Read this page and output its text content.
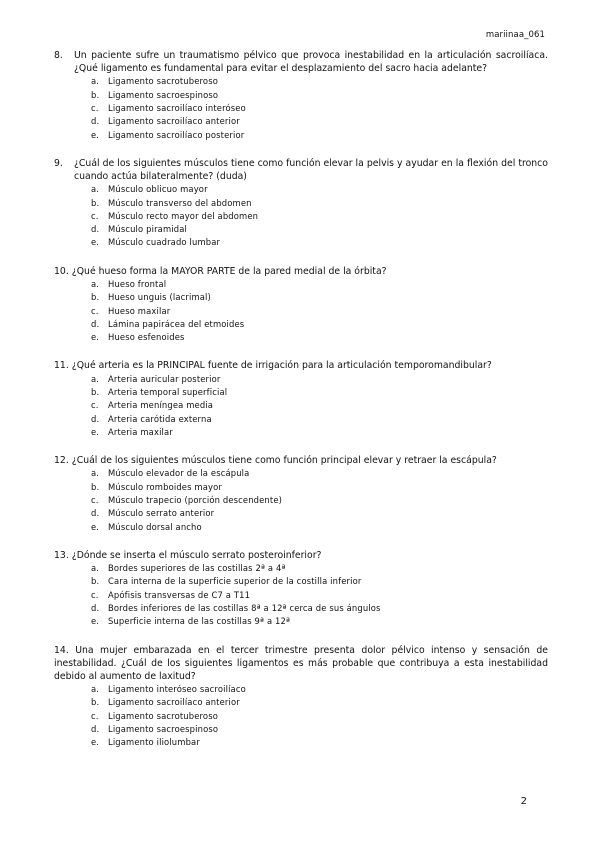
mariinaa_061
8.	Un paciente sufre un traumatismo pélvico que provoca inestabilidad en la articulación sacroilíaca. ¿Qué ligamento es fundamental para evitar el desplazamiento del sacro hacia adelante?
a.	Ligamento sacrotuberoso
b.	Ligamento sacroespinoso
c.	Ligamento sacroilíaco interóseo
d.	Ligamento sacroilíaco anterior
e.	Ligamento sacroilíaco posterior
9.	¿Cuál de los siguientes músculos tiene como función elevar la pelvis y ayudar en la flexión del tronco cuando actúa bilateralmente? (duda)
a.	Músculo oblicuo mayor
b.	Músculo transverso del abdomen
c.	Músculo recto mayor del abdomen
d.	Músculo piramidal
e.	Músculo cuadrado lumbar
10. ¿Qué hueso forma la MAYOR PARTE de la pared medial de la órbita?
a.	Hueso frontal
b.	Hueso unguis (lacrimal)
c.	Hueso maxilar
d.	Lámina papirácea del etmoides
e.	Hueso esfenoides
11. ¿Qué arteria es la PRINCIPAL fuente de irrigación para la articulación temporomandibular?
a.	Arteria auricular posterior
b.	Arteria temporal superficial
c.	Arteria meníngea media
d.	Arteria carótida externa
e.	Arteria maxilar
12. ¿Cuál de los siguientes músculos tiene como función principal elevar y retraer la escápula?
a.	Músculo elevador de la escápula
b.	Músculo romboides mayor
c.	Músculo trapecio (porción descendente)
d.	Músculo serrato anterior
e.	Músculo dorsal ancho
13. ¿Dónde se inserta el músculo serrato posteroinferior?
a.	Bordes superiores de las costillas 2ª a 4ª
b.	Cara interna de la superficie superior de la costilla inferior
c.	Apófisis transversas de C7 a T11
d.	Bordes inferiores de las costillas 8ª a 12ª cerca de sus ángulos
e.	Superficie interna de las costillas 9ª a 12ª
14. Una mujer embarazada en el tercer trimestre presenta dolor pélvico intenso y sensación de inestabilidad. ¿Cuál de los siguientes ligamentos es más probable que contribuya a esta inestabilidad debido al aumento de laxitud?
a.	Ligamento interóseo sacroilíaco
b.	Ligamento sacroilíaco anterior
c.	Ligamento sacrotuberoso
d.	Ligamento sacroespinoso
e.	Ligamento iliolumbar
2
